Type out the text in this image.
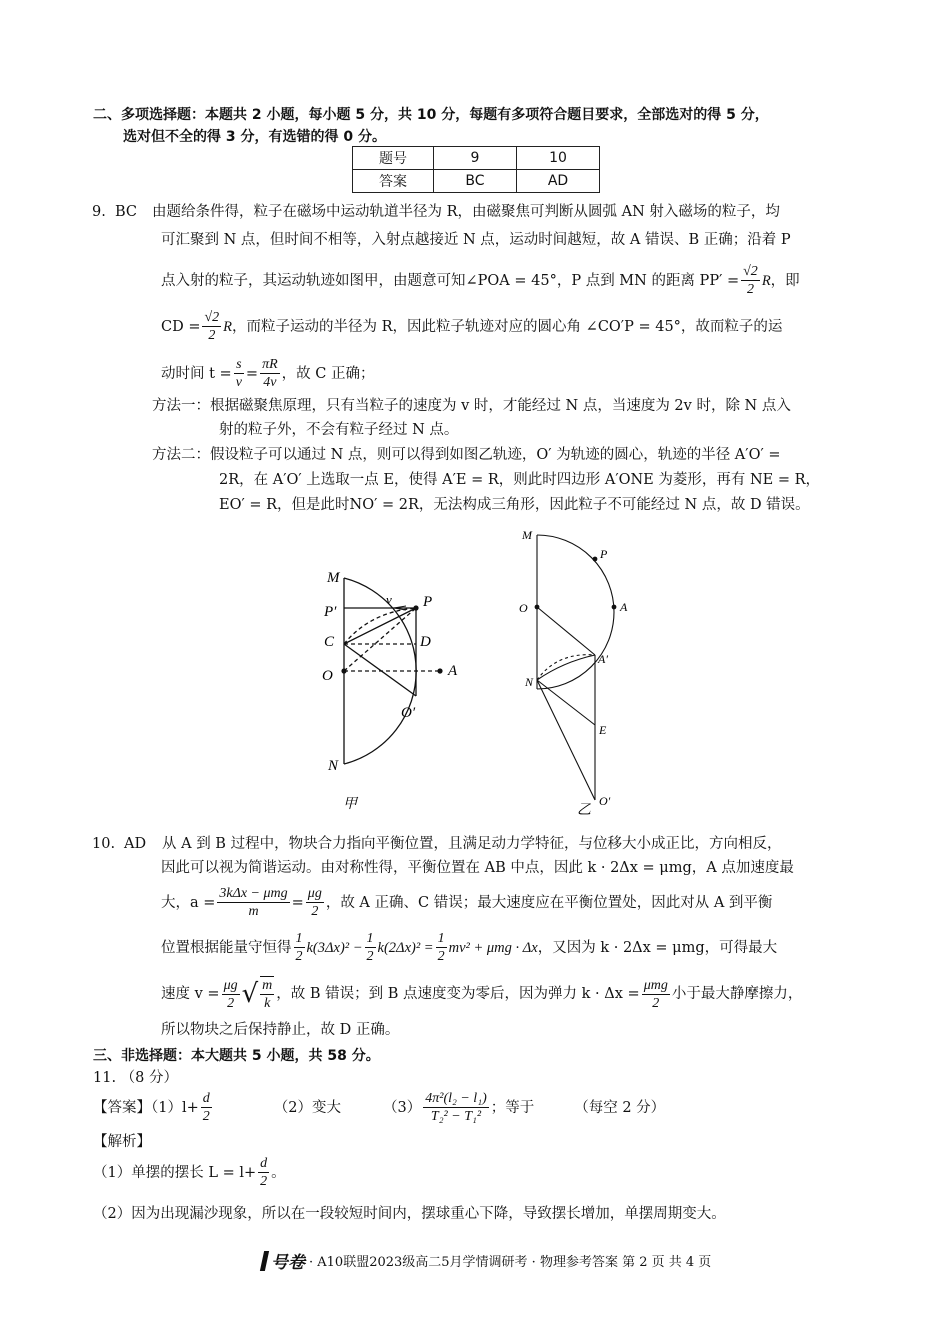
二、多项选择题：本题共 2 小题，每小题 5 分，共 10 分，每题有多项符合题目要求，全部选对的得 5 分，
选对但不全的得 3 分，有选错的得 0 分。
题号	9	10
答案	BC	AD
9. BC 由题给条件得，粒子在磁场中运动轨道半径为 R，由磁聚焦可判断从圆弧 AN 射入磁场的粒子，均
可汇聚到 N 点，但时间不相等，入射点越接近 N 点，运动时间越短，故 A 错误、B 正确；沿着 P
点入射的粒子，其运动轨迹如图甲，由题意可知∠POA = 45°，P 点到 MN 的距离 $PP' = \frac{√2}{2}$ R ，即
CD = $\frac{√2}{2}$ R ，而粒子运动的半径为 R，因此粒子轨迹对应的圆心角 ∠CO′P = 45°，故而粒子的运
动时间 $t = \frac{s}{v} = \frac{\pi R}{4v}$ ，故 C 正确；
方法一：根据磁聚焦原理，只有当粒子的速度为 v 时，才能经过 N 点，当速度为 2v 时，除 N 点入
射的粒子外，不会有粒子经过 N 点。
方法二：假设粒子可以通过 N 点，则可以得到如图乙轨迹，O′ 为轨迹的圆心，轨迹的半径 A′O′ =
2R，在 A′O′ 上选取一点 E，使得 A′E = R，则此时四边形 A′ONE 为菱形，再有 NE = R，
EO′ = R，但是此时NO′ = 2R，无法构成三角形，因此粒子不可能经过 N 点，故 D 错误。
M
P′
C
O
N
P
v
D
A
O′
甲
M
P
O	A
A′
N
E
O′
乙
10. AD 从 A 到 B 过程中，物块合力指向平衡位置，且满足动力学特征，与位移大小成正比，方向相反，
因此可以视为简谐运动。由对称性得，平衡位置在 AB 中点，因此 k · 2Δx = μmg，A 点加速度最
大，$a = \frac{\text{3kΔx − μmg}}{m} = \frac{\mu g}{2}$ ，故 A 正确、C 错误；最大速度应在平衡位置处，因此对从 A 到平衡
位置根据能量守恒得 $\frac{1}{2} k(3\Delta x)^2 - \frac{1}{2} k(2\Delta x)^2 = \frac{1}{2} mv^2 + \mu mg \cdot \Delta x$ ，又因为 k · 2Δx = μmg，可得最大
速度 $v = \frac{\mu g}{2}$ √ $\frac{m}{k}$ ，故 B 错误；到 B 点速度变为零后，因为弹力 $k \cdot \Delta x = \frac{\text{μmg}}{2}$ 小于最大静摩擦力，
所以物块之后保持静止，故 D 正确。
三、非选择题：本大题共 5 小题，共 58 分。
11. （8 分）
【答案】$(1)l+ \frac{d}{2}$	（2）变大	$(3) \frac{\text{4π²(l₂ − l₁)}}{\text{T₂² − T₁²}}$ ；等于	（每空 2 分）
【解析】
（1）单摆的摆长 $L = l+ \frac{d}{2}$ 。
（2）因为出现漏沙现象，所以在一段较短时间内，摆球重心下降，导致摆长增加，单摆周期变大。
号卷 · A10联盟2023级高二5月学情调研考 · 物理参考答案 第 2 页 共 4 页
